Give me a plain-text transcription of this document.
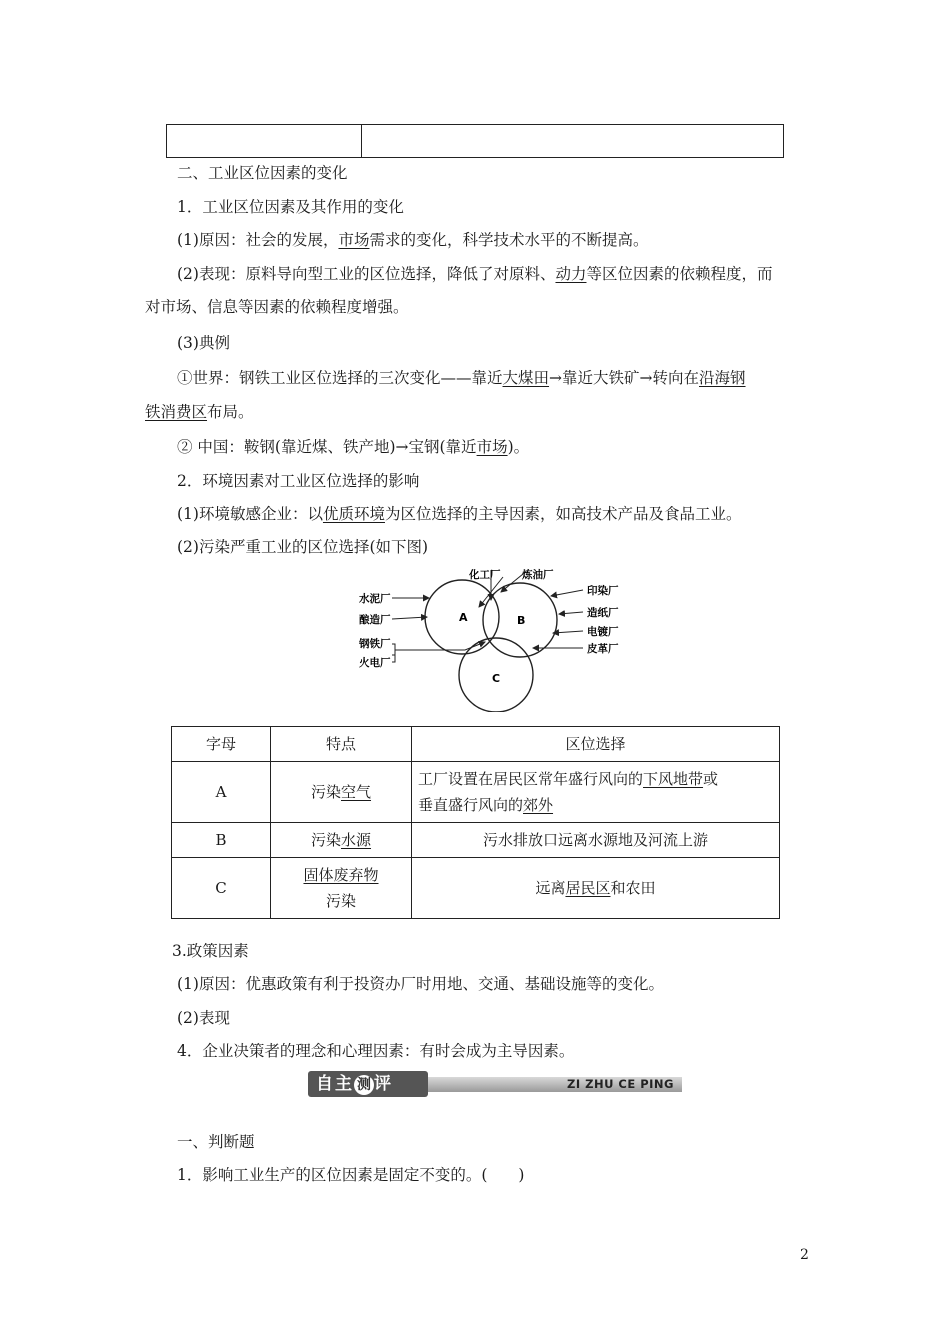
二、工业区位因素的变化
1．工业区位因素及其作用的变化
(1)原因：社会的发展，市场需求的变化，科学技术水平的不断提高。
(2)表现：原料导向型工业的区位选择，降低了对原料、动力等区位因素的依赖程度，而
对市场、信息等因素的依赖程度增强。
(3)典例
①世界：钢铁工业区位选择的三次变化——靠近大煤田→靠近大铁矿→转向在沿海钢
铁消费区布局。
② 中国：鞍钢(靠近煤、铁产地)→宝钢(靠近市场)。
2．环境因素对工业区位选择的影响
(1)环境敏感企业：以优质环境为区位选择的主导因素，如高技术产品及食品工业。
(2)污染严重工业的区位选择(如下图)
A	B
C
化工厂 炼油厂
水泥厂
酿造厂
印染厂
造纸厂
电镀厂
皮革厂
钢铁厂
火电厂
字母	特点	区位选择
A	污染空气	工厂设置在居民区常年盛行风向的下风地带或
垂直盛行风向的郊外
B	污染水源	污水排放口远离水源地及河流上游
C	固体废弃物
污染	远离居民区和农田
3.政策因素
(1)原因：优惠政策有利于投资办厂时用地、交通、基础设施等的变化。
(2)表现
4．企业决策者的理念和心理因素：有时会成为主导因素。
自主 测 评	ZI ZHU CE PING
一、判断题
1．影响工业生产的区位因素是固定不变的。(　　)
2
